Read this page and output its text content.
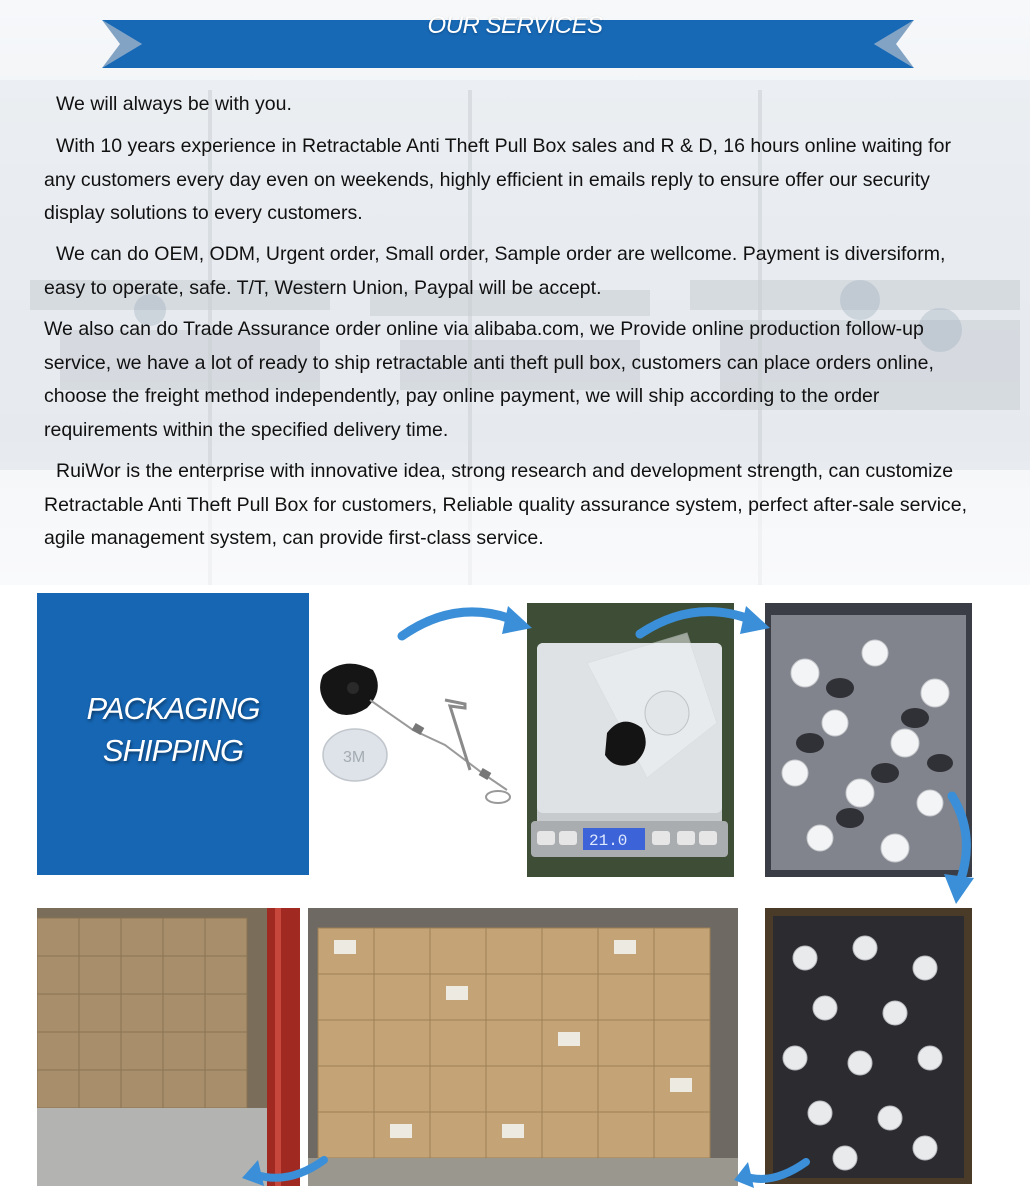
OUR SERVICES

We will always be with you.

With 10 years experience in Retractable Anti Theft Pull Box sales and R & D, 16 hours online waiting for any customers every day even on weekends, highly efficient in emails reply to ensure offer our security display solutions to every customers.

We can do OEM, ODM, Urgent order, Small order, Sample order are wellcome. Payment is diversiform, easy to operate, safe. T/T, Western Union, Paypal will be accept.

We also can do Trade Assurance order online via alibaba.com, we Provide online production follow-up service, we have a lot of ready to ship retractable anti theft pull box, customers can place orders online, choose the freight method independently, pay online payment, we will ship according to the order requirements within the specified delivery time.

RuiWor is the enterprise with innovative idea, strong research and development strength, can customize Retractable Anti Theft Pull Box for customers, Reliable quality assurance system, perfect after-sale service, agile management system, can provide first-class service.

PACKAGING
SHIPPING	3M
21.0
